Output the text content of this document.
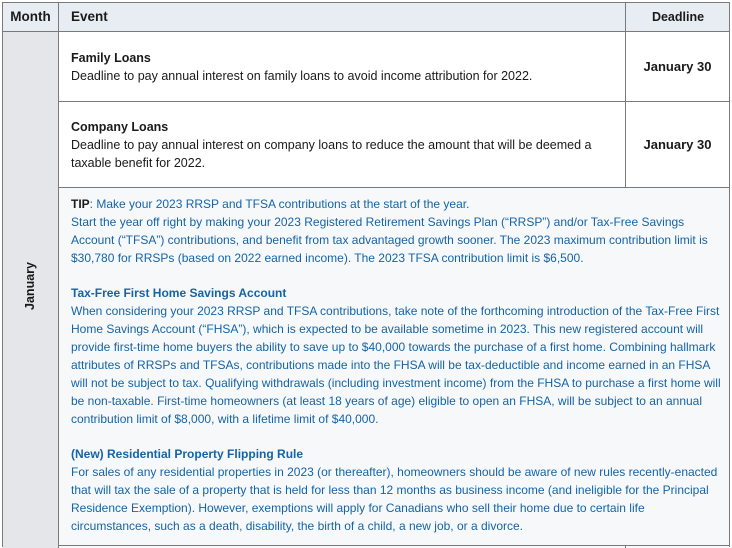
Month	Event	Deadline
January
Family Loans
Deadline to pay annual interest on family loans to avoid income attribution for 2022.
January 30
Company Loans
Deadline to pay annual interest on company loans to reduce the amount that will be deemed a taxable benefit for 2022.
January 30

TIP: Make your 2023 RRSP and TFSA contributions at the start of the year.

Start the year off right by making your 2023 Registered Retirement Savings Plan (“RRSP”) and/or Tax-Free Savings Account (“TFSA”) contributions, and benefit from tax advantaged growth sooner. The 2023 maximum contribution limit is $30,780 for RRSPs (based on 2022 earned income). The 2023 TFSA contribution limit is $6,500.

Tax-Free First Home Savings Account

When considering your 2023 RRSP and TFSA contributions, take note of the forthcoming introduction of the Tax-Free First Home Savings Account (“FHSA”), which is expected to be available sometime in 2023. This new registered account will provide first-time home buyers the ability to save up to $40,000 towards the purchase of a first home. Combining hallmark attributes of RRSPs and TFSAs, contributions made into the FHSA will be tax-deductible and income earned in an FHSA will not be subject to tax. Qualifying withdrawals (including investment income) from the FHSA to purchase a first home will be non-taxable. First-time homeowners (at least 18 years of age) eligible to open an FHSA, will be subject to an annual contribution limit of $8,000, with a lifetime limit of $40,000.

(New) Residential Property Flipping Rule

For sales of any residential properties in 2023 (or thereafter), homeowners should be aware of new rules recently-enacted that will tax the sale of a property that is held for less than 12 months as business income (and ineligible for the Principal Residence Exemption). However, exemptions will apply for Canadians who sell their home due to certain life circumstances, such as a death, disability, the birth of a child, a new job, or a divorce.
